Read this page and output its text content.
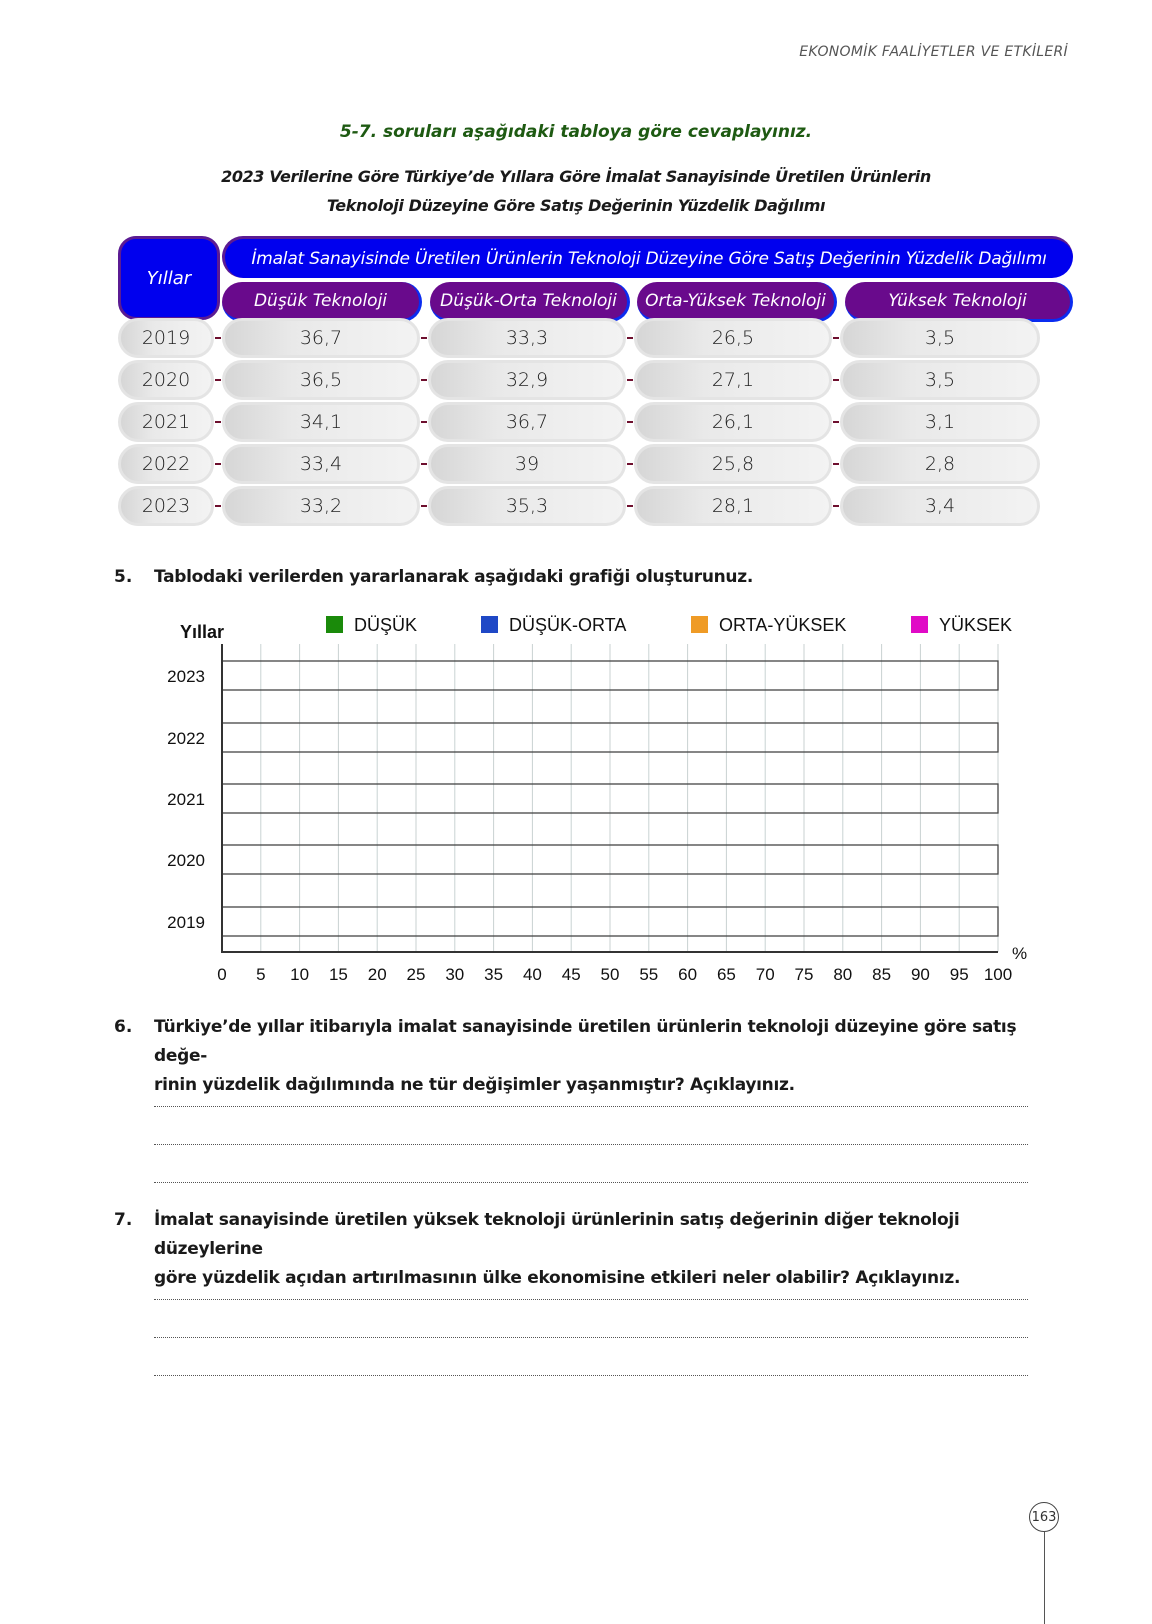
EKONOMİK FAALİYETLER VE ETKİLERİ
5-7. soruları aşağıdaki tabloya göre cevaplayınız.
2023 Verilerine Göre Türkiye’de Yıllara Göre İmalat Sanayisinde Üretilen Ürünlerin
Teknoloji Düzeyine Göre Satış Değerinin Yüzdelik Dağılımı
Yıllar
İmalat Sanayisinde Üretilen Ürünlerin Teknoloji Düzeyine Göre Satış Değerinin Yüzdelik Dağılımı
Düşük Teknoloji	Düşük-Orta Teknoloji	Orta-Yüksek Teknoloji	Yüksek Teknoloji
2019	36,7	33,3	26,5	3,5
2020	36,5	32,9	27,1	3,5
2021	34,1	36,7	26,1	3,1
2022	33,4	39	25,8	2,8
2023	33,2	35,3	28,1	3,4
5. Tablodaki verilerden yararlanarak aşağıdaki grafiği oluşturunuz.
2023
2022
2021
2020
2019
0 5 10 15 20 25 30 35 40 45 50 55 60 65 70 75 80 85 90 95 100
Yıllar
%
DÜŞÜK	DÜŞÜK-ORTA	ORTA-YÜKSEK	YÜKSEK
6. Türkiye’de yıllar itibarıyla imalat sanayisinde üretilen ürünlerin teknoloji düzeyine göre satış değe-
rinin yüzdelik dağılımında ne tür değişimler yaşanmıştır? Açıklayınız.
7. İmalat sanayisinde üretilen yüksek teknoloji ürünlerinin satış değerinin diğer teknoloji düzeylerine
göre yüzdelik açıdan artırılmasının ülke ekonomisine etkileri neler olabilir? Açıklayınız.
163
